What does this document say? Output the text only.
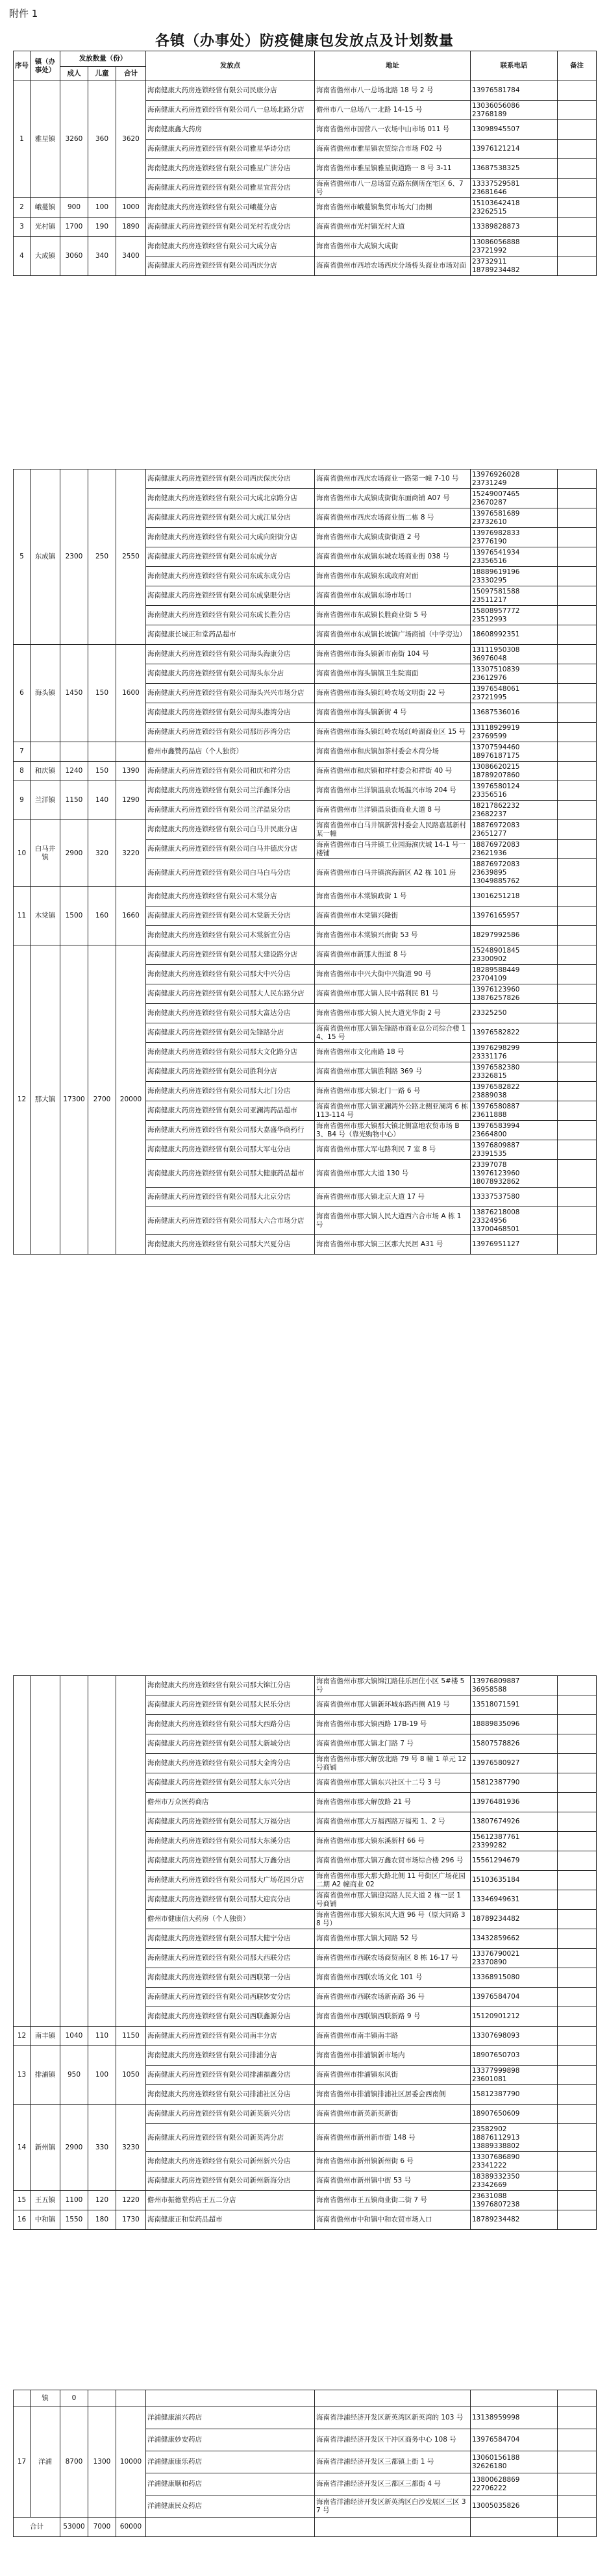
附件 1
各镇（办事处）防疫健康包发放点及计划数量
序号	镇（办事处）	发放数量（份）			发放点	地址	联系电话	备注
		成人	儿童	合计				
1	雅星镇	3260	360	3620	海南健康大药房连锁经营有限公司民康分店	海南省儋州市八一总场北路 18 号 2 号	13976581784	
					海南健康大药房连锁经营有限公司八一总场北路分店	儋州市八一总场八一北路 14-15 号	13036056086
23768189	
					海南健康鑫大药房	海南省儋州市国营八一农场中山市场 011 号	13098945507	
					海南健康大药房连锁经营有限公司雅星华诗分店	海南省儋州市雅星镇农贸综合市场 F02 号	13976121214	
					海南健康大药房连锁经营有限公司雅星广济分店	海南省儋州市雅星镇雅星街道路一 8 号 3-11	13687538325	
					海南健康大药房连锁经营有限公司雅星宜营分店	海南省儋州市八一总场富克路东侧所在宅区 6、7 号	13337529581
23681646	
2	峨蔓镇	900	100	1000	海南健康大药房连锁经营有限公司峨蔓分店	海南省儋州市峨蔓镇集贸市场大门南侧	15103642418
23262515	
3	光村镇	1700	190	1890	海南健康大药房连锁经营有限公司光村若成分店	海南省儋州市光村镇光村大道	13389828873	
4	大成镇	3060	340	3400	海南健康大药房连锁经营有限公司大成分店	海南省儋州市大成镇大成街	13086056888
23721992	
					海南健康大药房连锁经营有限公司西庆分店	海南省儋州市西培农场西庆分场桥头商业市场对面	23732911
18789234482	
5	东成镇	2300	250	2550	海南健康大药房连锁经营有限公司西庆保庆分店	海南省儋州市西庆农场商业一路第一幢 7-10 号	13976926028
23731249	
					海南健康大药房连锁经营有限公司大成北京路分店	海南省儋州市大成镇成街街东面商铺 A07 号	15249007465
23670287	
					海南健康大药房连锁经营有限公司大成江星分店	海南省儋州市西庆农场商业街二栋 8 号	13976581689
23732610	
					海南健康大药房连锁经营有限公司大成向阳街分店	海南省儋州市大成镇成街街道 2 号	13976982833
23776190	
					海南健康大药房连锁经营有限公司东成分店	海南省儋州市东成镇东城农场商业街 038 号	13976541934
23356516	
					海南健康大药房连锁经营有限公司东成东成分店	海南省儋州市东成镇东成政府对面	18889619196
23330295	
					海南健康大药房连锁经营有限公司东成泉眼分店	海南省儋州市东成镇东场市场口	15097581588
23511217	
					海南健康大药房连锁经营有限公司东成长胜分店	海南省儋州市东成镇长胜商业街 5 号	15808957772
23512993	
					海南健康长城正和堂药品超市	海南省儋州市东成镇长坡镇广场商铺（中学旁边）	18608992351	
6	海头镇	1450	150	1600	海南健康大药房连锁经营有限公司海头海康分店	海南省儋州市海头镇新市南街 104 号	13111950308
36976048	
					海南健康大药房连锁经营有限公司海头东分店	海南省儋州市海头镇镇卫生院南面	13307510839
23612976	
					海南健康大药房连锁经营有限公司海头兴兴市场分店	海南省儋州市海头镇红岭农场文明街 22 号	13976548061
23721995	
					海南健康大药房连锁经营有限公司海头港湾分店	海南省儋州市海头镇新街 4 号	13687536016	
					海南健康大药房连锁经营有限公司那历莎湾分店	海南省儋州市海头镇红岭农场红岭湖商业区 15 号	13118929919
23769599	
7					儋州市鑫赞药品店（个人独资）	海南省儋州市和庆镇加茶村委会木荷分场	13707594460
18976187175	
8	和庆镇	1240	150	1390	海南健康大药房连锁经营有限公司和庆和祥分店	海南省儋州市和庆镇和祥村委会和祥街 40 号	13086620215
18789207860	
9	兰洋镇	1150	140	1290	海南健康大药房连锁经营有限公司兰洋鑫泽分店	海南省儋州市兰洋镇温泉农场温兴市场 204 号	13976580124
23356516	
					海南健康大药房连锁经营有限公司兰洋温泉分店	海南省儋州市兰洋镇温泉街商业大道 8 号	18217862232
23682237	
10	白马井镇	2900	320	3220	海南健康大药房连锁经营有限公司白马井民康分店	海南省儋州市白马井镇新营村委会人民路嘉基新村某一幢	18876972083
23651277	
					海南健康大药房连锁经营有限公司白马井德庆分店	海南省儋州市白马井镇工业园海滨庆城 14-1 号一楼铺	18876972083
23621936	
					海南健康大药房连锁经营有限公司白马白马分店	海南省儋州市白马井镇滨海新区 A2 栋 101 房	18876972083
23639895
13049885762	
11	木棠镇	1500	160	1660	海南健康大药房连锁经营有限公司木棠分店	海南省儋州市木棠镇政街 1 号	13016251218	
					海南健康大药房连锁经营有限公司木棠新天分店	海南省儋州市木棠镇兴隆街	13976165957	
					海南健康大药房连锁经营有限公司木棠新宜分店	海南省儋州市木棠镇兴南街 53 号	18297992586	
12	那大镇	17300	2700	20000	海南健康大药房连锁经营有限公司那大建设路分店	海南省儋州市新那大街道 8 号	15248901845
23300902	
					海南健康大药房连锁经营有限公司那大中兴分店	海南省儋州市中兴大街中兴街道 90 号	18289588449
23704109	
					海南健康大药房连锁经营有限公司那大人民东路分店	海南省儋州市那大镇人民中路利民 B1 号	13976123960
13876257826	
					海南健康大药房连锁经营有限公司那大富达分店	海南省儋州市那大镇人民大道光华街 2 号	23325250	
					海南健康大药房连锁经营有限公司先锋路分店	海南省儋州市那大镇先锋路市商业总公司综合楼 14、15 号	13976582822	
					海南健康大药房连锁经营有限公司那大文化路分店	海南省儋州市文化南路 18 号	13976298299
23331176	
					海南健康大药房连锁经营有限公司胜利分店	海南省儋州市那大镇胜利路 369 号	13976582380
23326815	
					海南健康大药房连锁经营有限公司那大北门分店	海南省儋州市那大镇北门一路 6 号	13976582822
23889038	
					海南健康大药房连锁经营有限公司亚澜湾药品超市	海南省儋州市那大镇亚澜湾外公路北侧亚澜湾 6 栋 113-114 号	13976580887
23611888	
					海南健康大药房连锁经营有限公司那大嘉盛华商药行	海南省儋州市那大镇那大镇北侧富地农贸市场 B3、B4 号（靠光购物中心）	13976583994
23664800	
					海南健康大药房连锁经营有限公司那大军屯分店	海南省儋州市那大军屯路利民 7 室 8 号	13976809887
23391535	
					海南健康大药房连锁经营有限公司那大健康药品超市	海南省儋州市那大大道 130 号	23397078
13976123960
18078932862	
					海南健康大药房连锁经营有限公司那大北京分店	海南省儋州市那大镇北京大道 17 号	13337537580	
					海南健康大药房连锁经营有限公司那大六合市场分店	海南省儋州市那大镇人民大道西六合市场 A 栋 1 号	13876218008
23324956
13700468501	
					海南健康大药房连锁经营有限公司那大兴夏分店	海南省儋州市那大镇三区那大民居 A31 号	13976951127	
					海南健康大药房连锁经营有限公司那大锦江分店	海南省儋州市那大镇锦江路佳乐居住小区 5#楼 5 号	13976809887
36958588	
					海南健康大药房连锁经营有限公司那大民乐分店	海南省儋州市那大镇新环城东路西侧 A19 号	13518071591	
					海南健康大药房连锁经营有限公司那大西路分店	海南省儋州市那大镇西路 17B-19 号	18889835096	
					海南健康大药房连锁经营有限公司那大新城分店	海南省儋州市那大镇北门路 7 号	15807578826	
					海南健康大药房连锁经营有限公司那大金湾分店	海南省儋州市那大解放北路 79 号 8 幢 1 单元 12 号商铺	13976580927	
					海南健康大药房连锁经营有限公司那大东兴分店	海南省儋州市那大镇东兴社区十二号 3 号	15812387790	
					儋州市万众医药商店	海南省儋州市那大解放路 21 号	13976481936	
					海南健康大药房连锁经营有限公司那大万福分店	海南省儋州市那大万福西路万福苑 1、2 号	13807674926	
					海南健康大药房连锁经营有限公司那大东溪分店	海南省儋州市那大镇东溪新村 66 号	15612387761
23399282	
					海南健康大药房连锁经营有限公司那大万鑫分店	海南省儋州市那大镇万鑫农贸市场综合楼 296 号	15561294679	
					海南健康大药房连锁经营有限公司那大广场花园分店	海南省儋州市那大那大路北侧 11 号街区广场花园二期 A2 幢商业 02	15103635184	
					海南健康大药房连锁经营有限公司那大迎宾分店	海南省儋州市那大镇迎宾路人民大道 2 栋一层 1 号商铺	13346949631	
					儋州市健康信大药房（个人独资）	海南省儋州市那大镇东风大道 96 号（原大同路 38 号）	18789234482	
					海南健康大药房连锁经营有限公司那大健宁分店	海南省儋州市那大镇大同路 52 号	13432859662	
					海南健康大药房连锁经营有限公司那大西联分店	海南省儋州市西联农场商贸南区 8 栋 16-17 号	13376790021
23370890	
					海南健康大药房连锁经营有限公司西联第一分店	海南省儋州市西联农场文化 101 号	13368915080	
					海南健康大药房连锁经营有限公司西联妙安分店	海南省儋州市西联农场新南路 36 号	13976584704	
					海南健康大药房连锁经营有限公司西联鑫源分店	海南省儋州市西联镇西联新路 9 号	15120901212	
12	南丰镇	1040	110	1150	海南健康大药房连锁经营有限公司南丰分店	海南省儋州市南丰镇南丰路	13307698093	
13	排浦镇	950	100	1050	海南健康大药房连锁经营有限公司排浦分店	海南省儋州市排浦镇新市场内	18907650703	
					海南健康大药房连锁经营有限公司排浦福鑫分店	海南省儋州市排浦镇东风街	13377999898
23601081	
					海南健康大药房连锁经营有限公司排浦社区分店	海南省儋州市排浦镇排浦社区居委会西南侧	15812387790	
14	新州镇	2900	330	3230	海南健康大药房连锁经营有限公司新英新兴分店	海南省儋州市新英新英新街	18907650609	
					海南健康大药房连锁经营有限公司新英湾分店	海南省儋州市新州新市街 148 号	23582902
18876112913
13889338802	
					海南健康大药房连锁经营有限公司新州新兴分店	海南省儋州市新州镇新州街 6 号	13307686890
23341222	
					海南健康大药房连锁经营有限公司新州新海分店	海南省儋州市新州镇中街 53 号	18389332350
23342669	
15	王五镇	1100	120	1220	儋州市振德堂药店王五二分店	海南省儋州市王五镇商业街二街 7 号	23631088
13976807238	
16	中和镇	1550	180	1730	海南健康正和堂药品超市	海南省儋州市中和镇中和农贸市场入口	18789234482	
	镇	0						
17	洋浦	8700	1300	10000	洋浦健康浦兴药店	海南省洋浦经济开发区新英湾区新英湾的 103 号	13138959998	
					洋浦健康妙安药店	海南省洋浦经济开发区干冲区商务中心 108 号	13976584704	
					洋浦健康康乐药店	海南省洋浦经济开发区三都镇上街 1 号	13060156188
32626180	
					洋浦健康顺和药店	海南省洋浦经济开发区三都区三都街 4 号	13800628869
22706222	
					洋浦健康民众药店	海南省洋浦经济开发区新英湾区白沙发展区三区 37 号	13005035826	
合计		53000	7000	60000				
